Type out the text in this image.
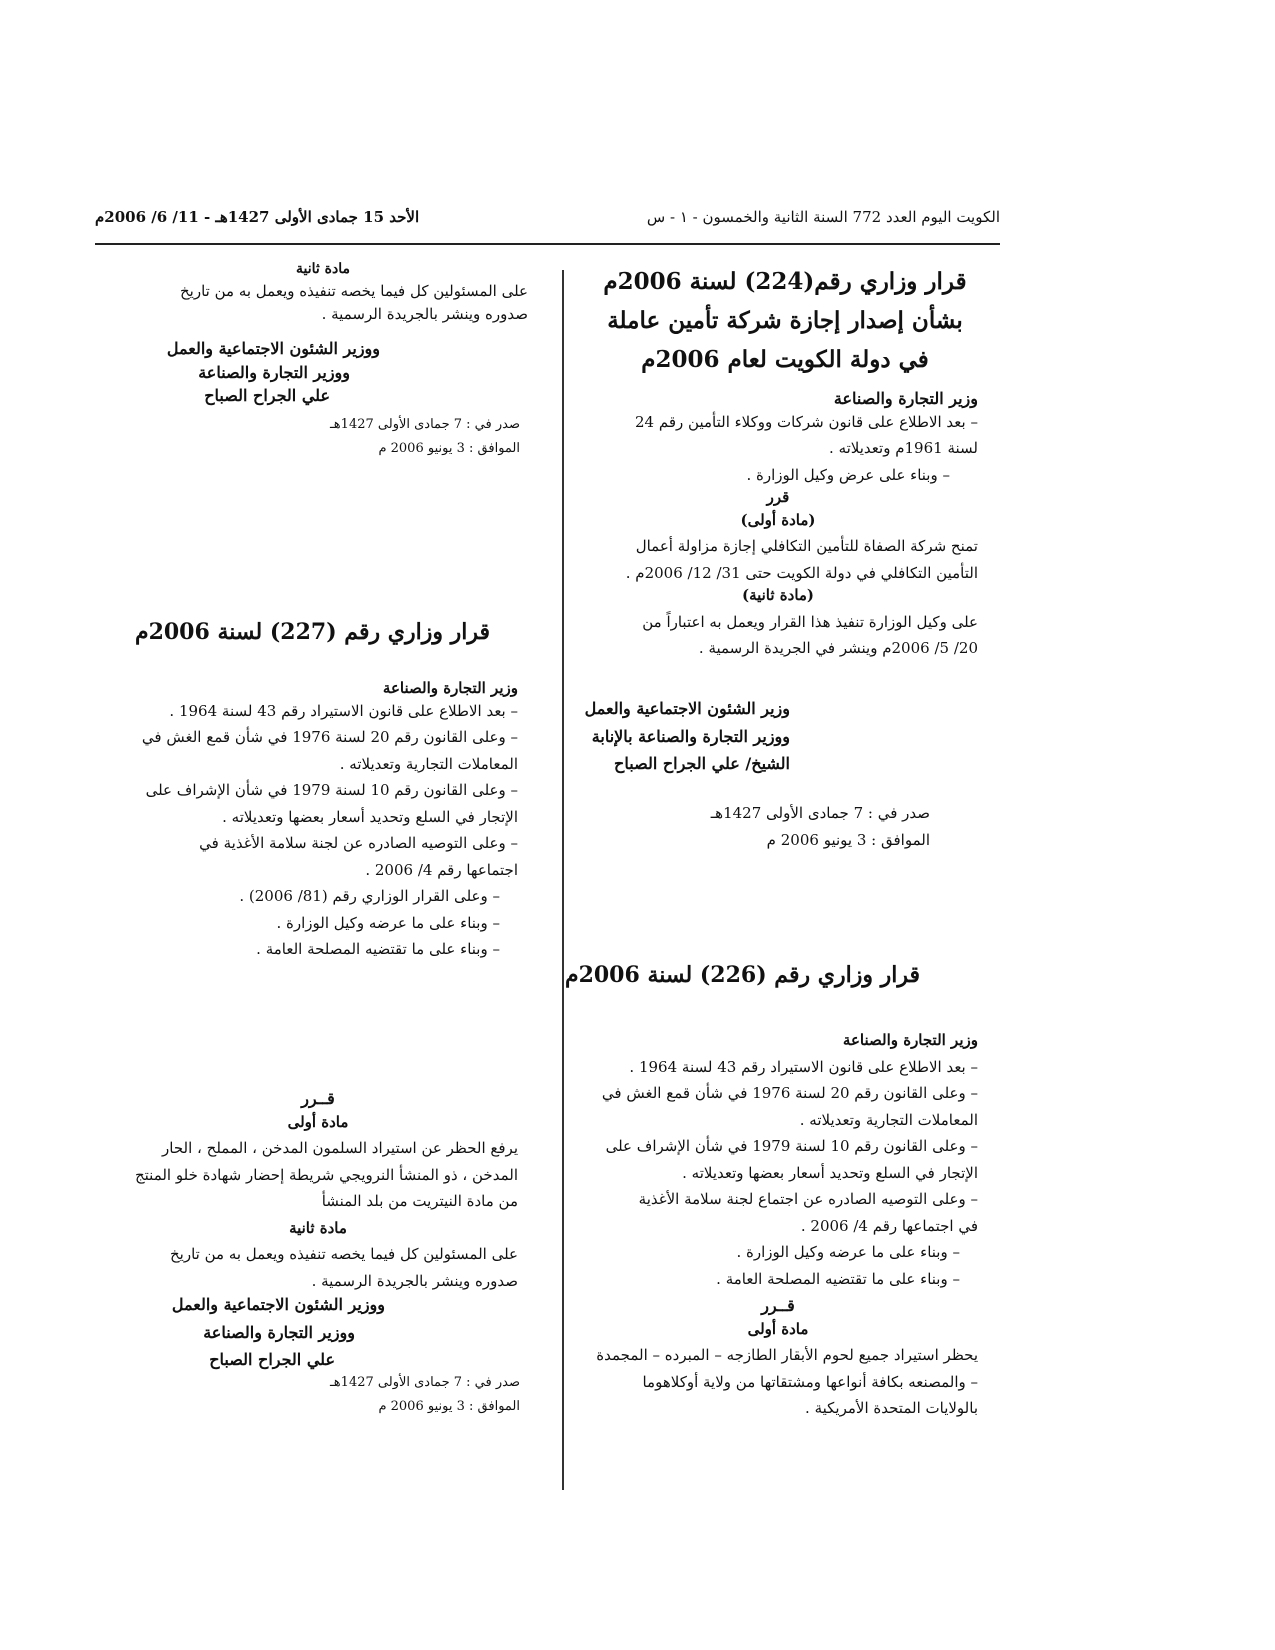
الكويت اليوم العدد 772 السنة الثانية والخمسون - ١ - س
الأحد 15 جمادى الأولى 1427هـ - 11/ 6/ 2006م
قرار وزاري رقم(224) لسنة 2006م
بشأن إصدار إجازة شركة تأمين عاملة
في دولة الكويت لعام 2006م
وزير التجارة والصناعة
– بعد الاطلاع على قانون شركات ووكلاء التأمين رقم 24
لسنة 1961م وتعديلاته .
– وبناء على عرض وكيل الوزارة .
قرر
(مادة أولى)
تمنح شركة الصفاة للتأمين التكافلي إجازة مزاولة أعمال
التأمين التكافلي في دولة الكويت حتى 31/ 12/ 2006م .
(مادة ثانية)
على وكيل الوزارة تنفيذ هذا القرار ويعمل به اعتباراً من
20/ 5/ 2006م وينشر في الجريدة الرسمية .
وزير الشئون الاجتماعية والعمل
ووزير التجارة والصناعة بالإنابة
الشيخ/ علي الجراح الصباح
صدر في : 7 جمادى الأولى 1427هـ
الموافق : 3 يونيو 2006 م
قرار وزاري رقم (226) لسنة 2006م
وزير التجارة والصناعة
– بعد الاطلاع على قانون الاستيراد رقم 43 لسنة 1964 .
– وعلى القانون رقم 20 لسنة 1976 في شأن قمع الغش في
المعاملات التجارية وتعديلاته .
– وعلى القانون رقم 10 لسنة 1979 في شأن الإشراف على
الإتجار في السلع وتحديد أسعار بعضها وتعديلاته .
– وعلى التوصيه الصادره عن اجتماع لجنة سلامة الأغذية
في اجتماعها رقم 4/ 2006 .
– وبناء على ما عرضه وكيل الوزارة .
– وبناء على ما تقتضيه المصلحة العامة .
قــرر
مادة أولى
يحظر استيراد جميع لحوم الأبقار الطازجه – المبرده – المجمدة
– والمصنعه بكافة أنواعها ومشتقاتها من ولاية أوكلاهوما
بالولايات المتحدة الأمريكية .
مادة ثانية
على المسئولين كل فيما يخصه تنفيذه ويعمل به من تاريخ
صدوره وينشر بالجريدة الرسمية .
ووزير الشئون الاجتماعية والعمل
ووزير التجارة والصناعة
علي الجراح الصباح
صدر في : 7 جمادى الأولى 1427هـ
الموافق : 3 يونيو 2006 م
قرار وزاري رقم (227) لسنة 2006م
وزير التجارة والصناعة
– بعد الاطلاع على قانون الاستيراد رقم 43 لسنة 1964 .
– وعلى القانون رقم 20 لسنة 1976 في شأن قمع الغش في
المعاملات التجارية وتعديلاته .
– وعلى القانون رقم 10 لسنة 1979 في شأن الإشراف على
الإتجار في السلع وتحديد أسعار بعضها وتعديلاته .
– وعلى التوصيه الصادره عن لجنة سلامة الأغذية في
اجتماعها رقم 4/ 2006 .
– وعلى القرار الوزاري رقم (81/ 2006) .
– وبناء على ما عرضه وكيل الوزارة .
– وبناء على ما تقتضيه المصلحة العامة .
قــرر
مادة أولى
يرفع الحظر عن استيراد السلمون المدخن ، المملح ، الحار
المدخن ، ذو المنشأ النرويجي شريطة إحضار شهادة خلو المنتج
من مادة النيتريت من بلد المنشأ
مادة ثانية
على المسئولين كل فيما يخصه تنفيذه ويعمل به من تاريخ
صدوره وينشر بالجريدة الرسمية .
ووزير الشئون الاجتماعية والعمل
ووزير التجارة والصناعة
علي الجراح الصباح
صدر في : 7 جمادى الأولى 1427هـ
الموافق : 3 يونيو 2006 م
